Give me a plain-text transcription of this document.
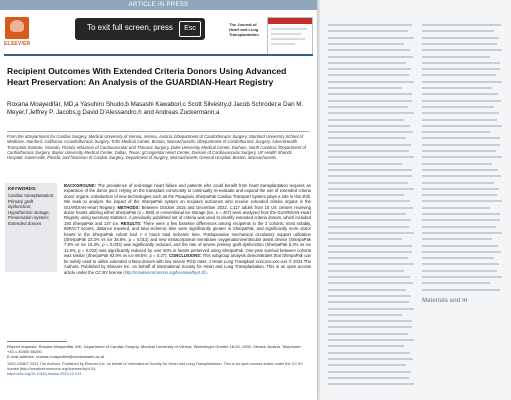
ARTICLE IN PRESS
ELSEVIER
To exit full screen, press	Esc
The Journal of Heart and Lung Transplantation
Recipient Outcomes With Extended Criteria Donors Using Advanced Heart Preservation: An Analysis of the GUARDIAN-Heart Registry
Roxana Moayedifar, MD,a Yasuhiro Shudo,b Masashi Kawabori,c Scott Silvestry,d Jacob Schroder,e Dan M. Meyer,f Jeffrey P. Jacobs,g David D'Alessandro,h and Andreas Zuckermann,a
From the aDepartment for Cardiac Surgery, Medical University of Vienna, Vienna, Austria; bDepartment of Cardiothoracic Surgery, Stanford University School of Medicine, Stanford, California; cCardiothoracic Surgery, Tufts Medical Center, Boston, Massachusetts; dDepartment of Cardiothoracic Surgery, AdventHealth Transplant Institute, Orlando, Florida; eDivision of Cardiovascular and Thoracic Surgery, Duke University Medical Center, Durham, North Carolina; fDepartment of Cardiothoracic Surgery, Baylor University Medical Center, Dallas, Texas; gCongenital Heart Center, Division of Cardiovascular Surgery, UF Health Shands Hospital, Gainesville, Florida; and hDivision of Cardiac Surgery, Department of Surgery, Massachusetts General Hospital, Boston, Massachusetts.
KEYWORDS:
Cardiac transplantation; Primary graft dysfunction; Hypothermic storage; Preservation system; Extended donors
BACKGROUND: The prevalence of end-stage heart failure and patients who could benefit from heart transplantation requires an expansion of the donor pool, relying on the transplant community to continually re-evaluate and expand the use of extended criteria donor organs. Introduction of new technologies such as the Paragonix SherpaPak Cardiac Transport System plays a role in this shift. We seek to analyze the impact of the SherpaPak system on recipient outcomes who receive extended criteria organs in the GUARDIAN-Heart Registry. METHODS: Between October 2015 and December 2022, 1,117 adults from 15 US centers receiving donor hearts utilizing either SherpaPak (n = 560) or conventional ice storage (ice, n = 457) were analyzed from the GUARDIAN-Heart Registry using summary statistics. A previously published set of criteria was used to identify extended criteria donors, which included 193 SherpaPak and 137 ice. RESULTS: There were a few baseline differences among recipients in the 2 cohorts; most notably, IMPACT scores, distance traveled, and total ischemic time were significantly greater in SherpaPak, and significantly more donor hearts in the SherpaPak cohort had > 4 hours total ischemic time. Postoperative mechanical circulatory support utilization (SherpaPak 22.3% vs ice 35.8%, p = 0.012) and new extracorporeal membrane oxygenation/ventricular assist device (SherpaPak 7.8% vs ice 15.3%, p = 0.033) was significantly reduced, and the rate of severe primary graft dysfunction (SherpaPak 6.2% vs ice 11.9%, p = 0.022) was significantly reduced by over 50% in hearts preserved using SherpaPak. One-year survival between cohorts was similar (SherpaPak 92.9% vs ice 89.6%, p = 0.27). CONCLUSIONS: This subgroup analysis demonstrates that SherpaPak can be safely used to utilize extended criteria donors with low severe PGD rates. J Heart Lung Transplant xxxx;xxx:xxx–xxx © 2024 The Authors. Published by Elsevier Inc. on behalf of International Society for Heart and Lung Transplantation. This is an open access article under the CC BY license (http://creativecommons.org/licenses/by/4.0/).
Reprint requests: Roxana Moayedifar, MD, Department of Cardiac Surgery, Medical University of Vienna, Waehringer Guertel 18-20, 1090, Vienna, Austria. Telephone: +43 1 40400 56200.
E-mail address: roxana.moayedifar@meduniwien.ac.at
1053-2498/© 2024 The Authors. Published by Elsevier Inc. on behalf of International Society for Heart and Lung Transplantation. This is an open access article under the CC BY license (http://creativecommons.org/licenses/by/4.0/).
https://doi.org/10.1016/j.healun.2023.12.013
Materials and m
